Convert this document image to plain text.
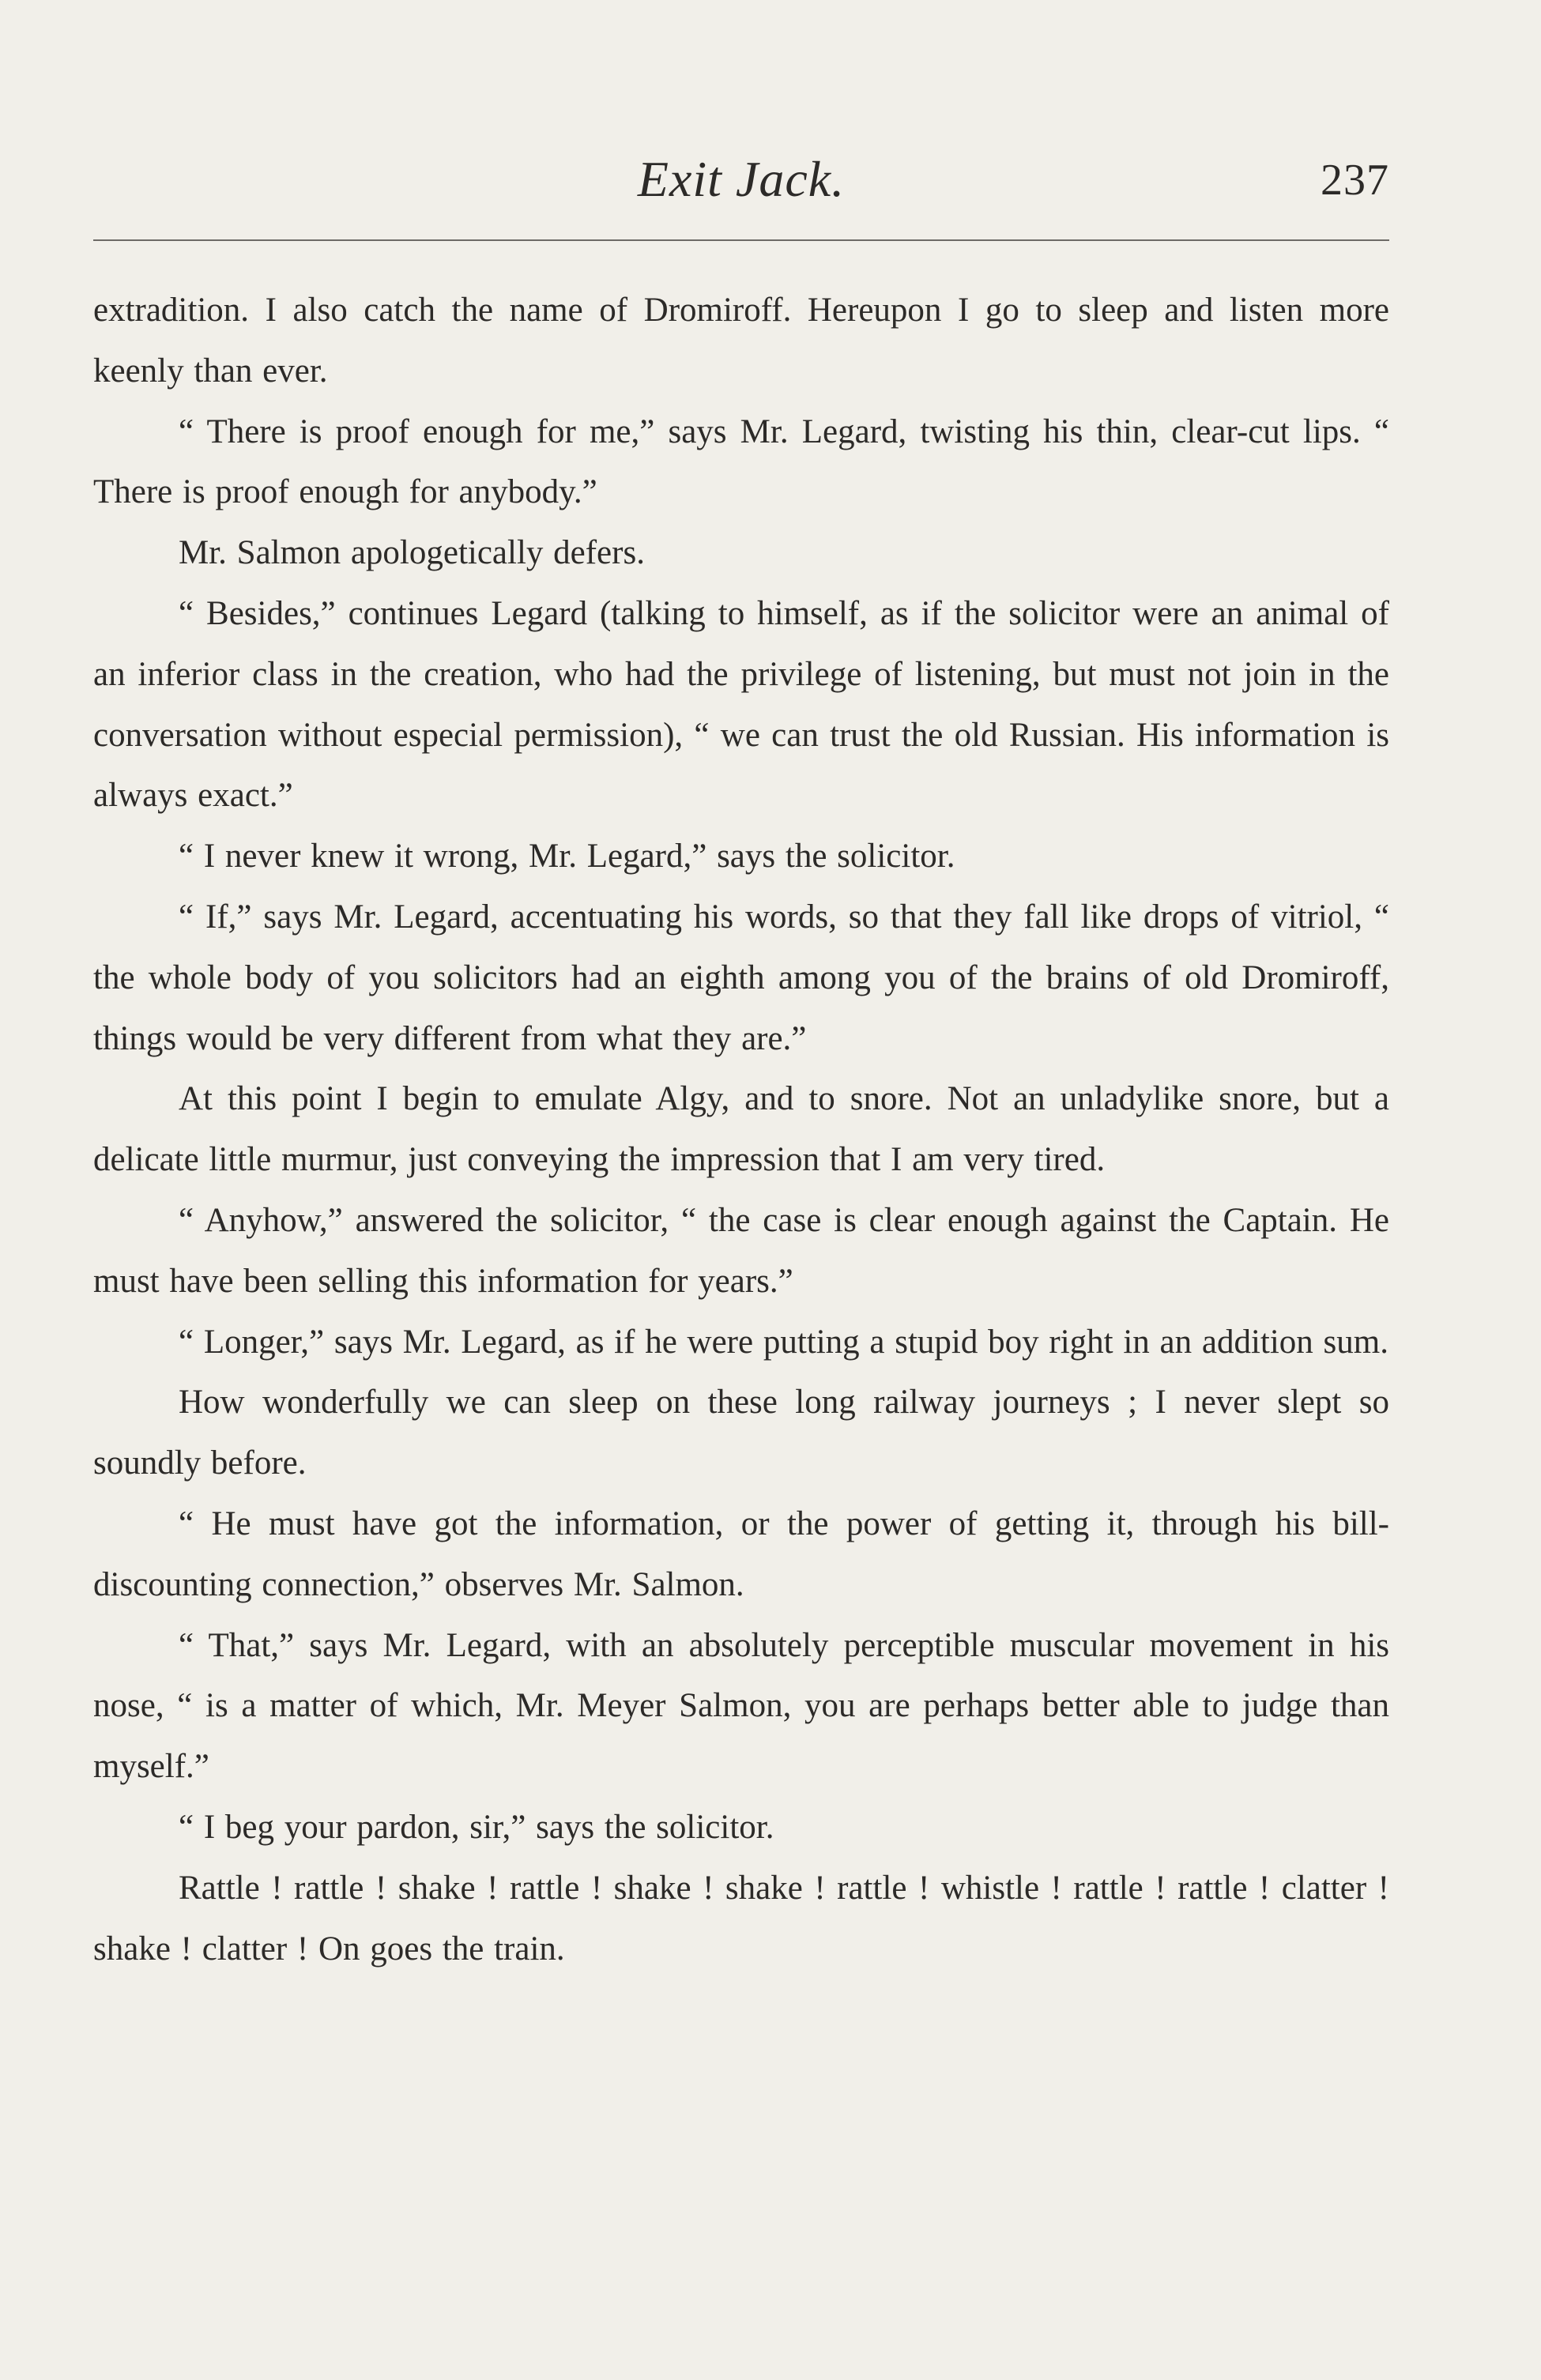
Exit Jack.	237

extradition. I also catch the name of Dromiroff. Hereupon I go to sleep and listen more keenly than ever.

“ There is proof enough for me,” says Mr. Legard, twisting his thin, clear-cut lips. “ There is proof enough for anybody.”

Mr. Salmon apologetically defers.

“ Besides,” continues Legard (talking to himself, as if the solicitor were an animal of an inferior class in the creation, who had the privilege of listening, but must not join in the conversation without especial permission), “ we can trust the old Russian. His information is always exact.”

“ I never knew it wrong, Mr. Legard,” says the solicitor.

“ If,” says Mr. Legard, accentuating his words, so that they fall like drops of vitriol, “ the whole body of you solicitors had an eighth among you of the brains of old Dromiroff, things would be very different from what they are.”

At this point I begin to emulate Algy, and to snore. Not an unladylike snore, but a delicate little murmur, just conveying the impression that I am very tired.

“ Anyhow,” answered the solicitor, “ the case is clear enough against the Captain. He must have been selling this information for years.”

“ Longer,” says Mr. Legard, as if he were putting a stupid boy right in an addition sum.

How wonderfully we can sleep on these long railway journeys ; I never slept so soundly before.

“ He must have got the information, or the power of getting it, through his bill-discounting connection,” observes Mr. Salmon.

“ That,” says Mr. Legard, with an absolutely perceptible muscular movement in his nose, “ is a matter of which, Mr. Meyer Salmon, you are perhaps better able to judge than myself.”

“ I beg your pardon, sir,” says the solicitor.

Rattle ! rattle ! shake ! rattle ! shake ! shake ! rattle ! whistle ! rattle ! rattle ! clatter ! shake ! clatter ! On goes the train.
